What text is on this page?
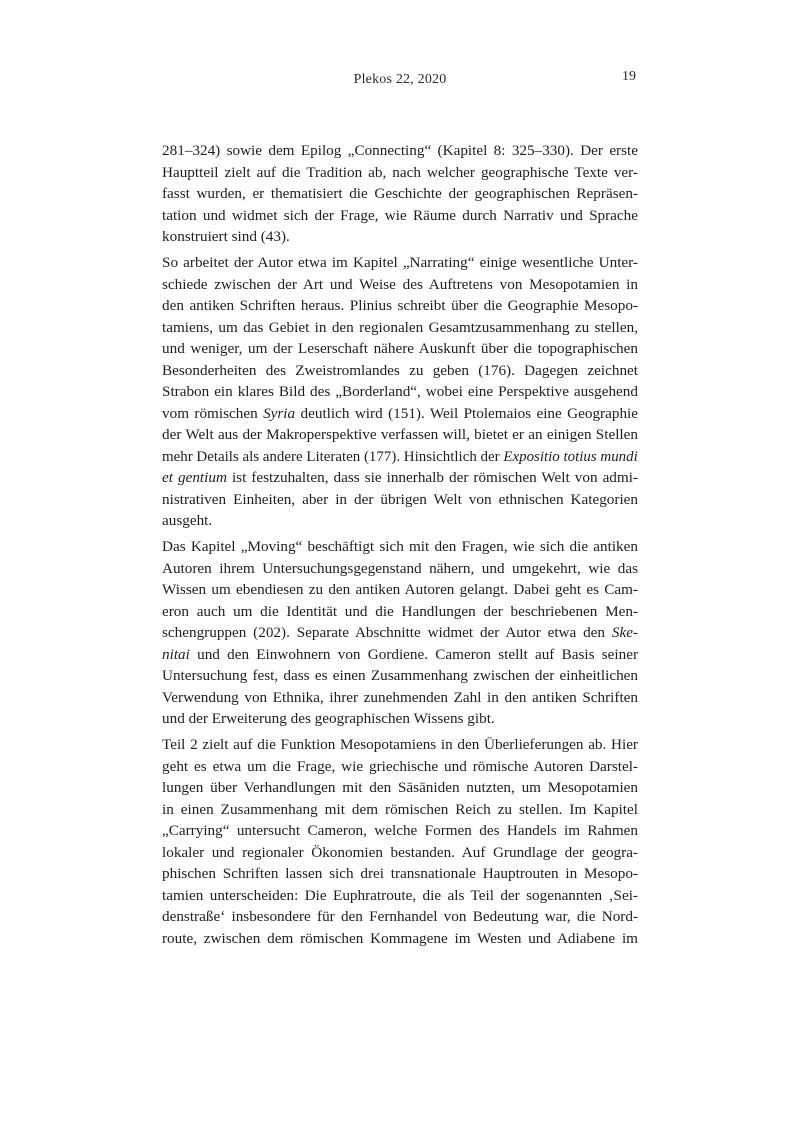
Plekos 22, 2020	19
281–324) sowie dem Epilog „Connecting“ (Kapitel 8: 325–330). Der erste
Hauptteil zielt auf die Tradition ab, nach welcher geographische Texte ver-
fasst wurden, er thematisiert die Geschichte der geographischen Repräsen-
tation und widmet sich der Frage, wie Räume durch Narrativ und Sprache
konstruiert sind (43).
So arbeitet der Autor etwa im Kapitel „Narrating“ einige wesentliche Unter-
schiede zwischen der Art und Weise des Auftretens von Mesopotamien in
den antiken Schriften heraus. Plinius schreibt über die Geographie Mesopo-
tamiens, um das Gebiet in den regionalen Gesamtzusammenhang zu stellen,
und weniger, um der Leserschaft nähere Auskunft über die topographischen
Besonderheiten des Zweistromlandes zu geben (176). Dagegen zeichnet
Strabon ein klares Bild des „Borderland“, wobei eine Perspektive ausgehend
vom römischen Syria deutlich wird (151). Weil Ptolemaios eine Geographie
der Welt aus der Makroperspektive verfassen will, bietet er an einigen Stellen
mehr Details als andere Literaten (177). Hinsichtlich der Expositio totius mundi
et gentium ist festzuhalten, dass sie innerhalb der römischen Welt von admi-
nistrativen Einheiten, aber in der übrigen Welt von ethnischen Kategorien
ausgeht.
Das Kapitel „Moving“ beschäftigt sich mit den Fragen, wie sich die antiken
Autoren ihrem Untersuchungsgegenstand nähern, und umgekehrt, wie das
Wissen um ebendiesen zu den antiken Autoren gelangt. Dabei geht es Cam-
eron auch um die Identität und die Handlungen der beschriebenen Men-
schengruppen (202). Separate Abschnitte widmet der Autor etwa den Ske-
nitai und den Einwohnern von Gordiene. Cameron stellt auf Basis seiner
Untersuchung fest, dass es einen Zusammenhang zwischen der einheitlichen
Verwendung von Ethnika, ihrer zunehmenden Zahl in den antiken Schriften
und der Erweiterung des geographischen Wissens gibt.
Teil 2 zielt auf die Funktion Mesopotamiens in den Überlieferungen ab. Hier
geht es etwa um die Frage, wie griechische und römische Autoren Darstel-
lungen über Verhandlungen mit den Sāsāniden nutzten, um Mesopotamien
in einen Zusammenhang mit dem römischen Reich zu stellen. Im Kapitel
„Carrying“ untersucht Cameron, welche Formen des Handels im Rahmen
lokaler und regionaler Ökonomien bestanden. Auf Grundlage der geogra-
phischen Schriften lassen sich drei transnationale Hauptrouten in Mesopo-
tamien unterscheiden: Die Euphratroute, die als Teil der sogenannten ‚Sei-
denstraße‘ insbesondere für den Fernhandel von Bedeutung war, die Nord-
route, zwischen dem römischen Kommagene im Westen und Adiabene im
